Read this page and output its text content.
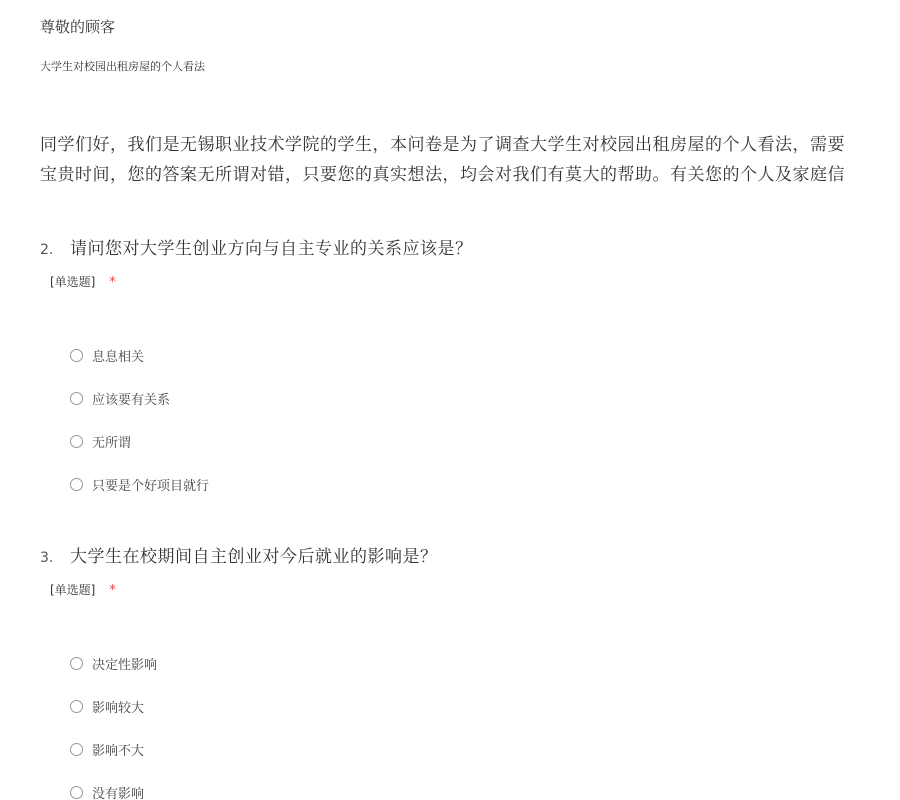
尊敬的顾客
大学生对校园出租房屋的个人看法
同学们好，我们是无锡职业技术学院的学生，本问卷是为了调查大学生对校园出租房屋的个人看法，需要
宝贵时间，您的答案无所谓对错，只要您的真实想法，均会对我们有莫大的帮助。有关您的个人及家庭信
2. 请问您对大学生创业方向与自主专业的关系应该是？
[单选题] *
息息相关
应该要有关系
无所谓
只要是个好项目就行
3. 大学生在校期间自主创业对今后就业的影响是？
[单选题] *
决定性影响
影响较大
影响不大
没有影响
